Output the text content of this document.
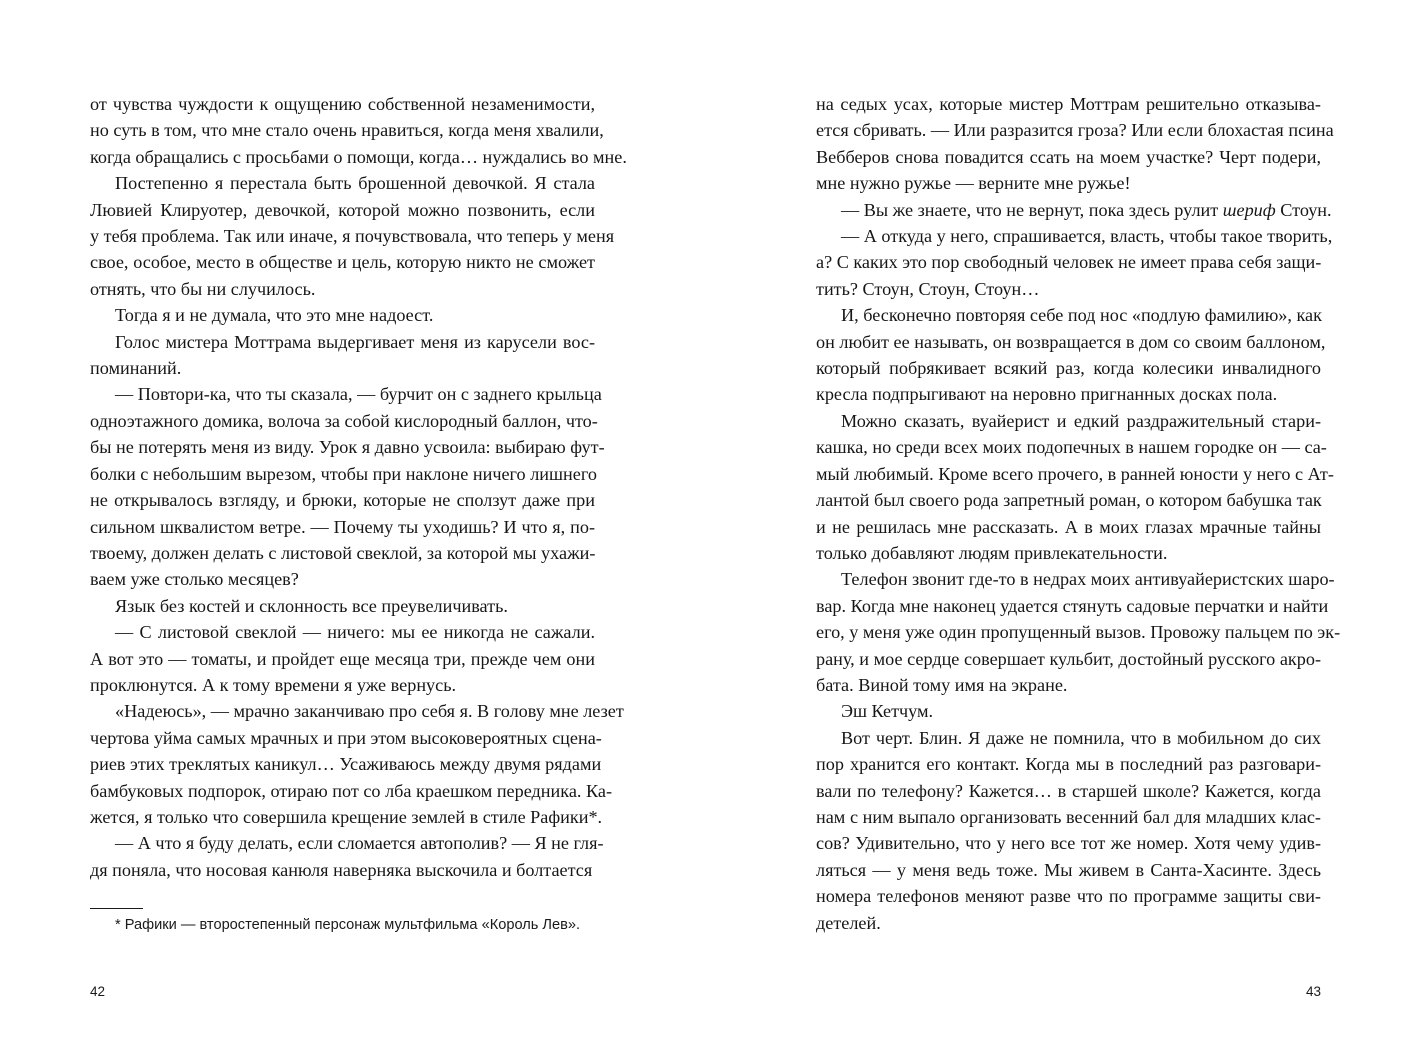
от чувства чуждости к ощущению собственной незаменимости,
но суть в том, что мне стало очень нравиться, когда меня хвалили,
когда обращались с просьбами о помощи, когда… нуждались во мне.

Постепенно я перестала быть брошенной девочкой. Я стала
Лювией Клируотер, девочкой, которой можно позвонить, если
у тебя проблема. Так или иначе, я почувствовала, что теперь у меня
свое, особое, место в обществе и цель, которую никто не сможет
отнять, что бы ни случилось.

Тогда я и не думала, что это мне надоест.

Голос мистера Моттрама выдергивает меня из карусели вос-
поминаний.

— Повтори-ка, что ты сказала, — бурчит он с заднего крыльца
одноэтажного домика, волоча за собой кислородный баллон, что-
бы не потерять меня из виду. Урок я давно усвоила: выбираю фут-
болки с небольшим вырезом, чтобы при наклоне ничего лишнего
не открывалось взгляду, и брюки, которые не сползут даже при
сильном шквалистом ветре. — Почему ты уходишь? И что я, по-
твоему, должен делать с листовой свеклой, за которой мы ухажи-
ваем уже столько месяцев?

Язык без костей и склонность все преувеличивать.

— С листовой свеклой — ничего: мы ее никогда не сажали.
А вот это — томаты, и пройдет еще месяца три, прежде чем они
проклюнутся. А к тому времени я уже вернусь.

«Надеюсь», — мрачно заканчиваю про себя я. В голову мне лезет
чертова уйма самых мрачных и при этом высоковероятных сцена-
риев этих треклятых каникул… Усаживаюсь между двумя рядами
бамбуковых подпорок, отираю пот со лба краешком передника. Ка-
жется, я только что совершила крещение землей в стиле Рафики*.

— А что я буду делать, если сломается автополив? — Я не гля-
дя поняла, что носовая канюля наверняка выскочила и болтается

* Рафики — второстепенный персонаж мультфильма «Король Лев».
42

на седых усах, которые мистер Моттрам решительно отказыва-
ется сбривать. — Или разразится гроза? Или если блохастая псина
Вебберов снова повадится ссать на моем участке? Черт подери,
мне нужно ружье — верните мне ружье!

— Вы же знаете, что не вернут, пока здесь рулит шериф Стоун.

— А откуда у него, спрашивается, власть, чтобы такое творить,
а? С каких это пор свободный человек не имеет права себя защи-
тить? Стоун, Стоун, Стоун…

И, бесконечно повторяя себе под нос «подлую фамилию», как
он любит ее называть, он возвращается в дом со своим баллоном,
который побрякивает всякий раз, когда колесики инвалидного
кресла подпрыгивают на неровно пригнанных досках пола.

Можно сказать, вуайерист и едкий раздражительный стари-
кашка, но среди всех моих подопечных в нашем городке он — са-
мый любимый. Кроме всего прочего, в ранней юности у него с Ат-
лантой был своего рода запретный роман, о котором бабушка так
и не решилась мне рассказать. А в моих глазах мрачные тайны
только добавляют людям привлекательности.

Телефон звонит где-то в недрах моих антивуайеристских шаро-
вар. Когда мне наконец удается стянуть садовые перчатки и найти
его, у меня уже один пропущенный вызов. Провожу пальцем по эк-
рану, и мое сердце совершает кульбит, достойный русского акро-
бата. Виной тому имя на экране.

Эш Кетчум.

Вот черт. Блин. Я даже не помнила, что в мобильном до сих
пор хранится его контакт. Когда мы в последний раз разговари-
вали по телефону? Кажется… в старшей школе? Кажется, когда
нам с ним выпало организовать весенний бал для младших клас-
сов? Удивительно, что у него все тот же номер. Хотя чему удив-
ляться — у меня ведь тоже. Мы живем в Санта-Хасинте. Здесь
номера телефонов меняют разве что по программе защиты сви-
детелей.

43
